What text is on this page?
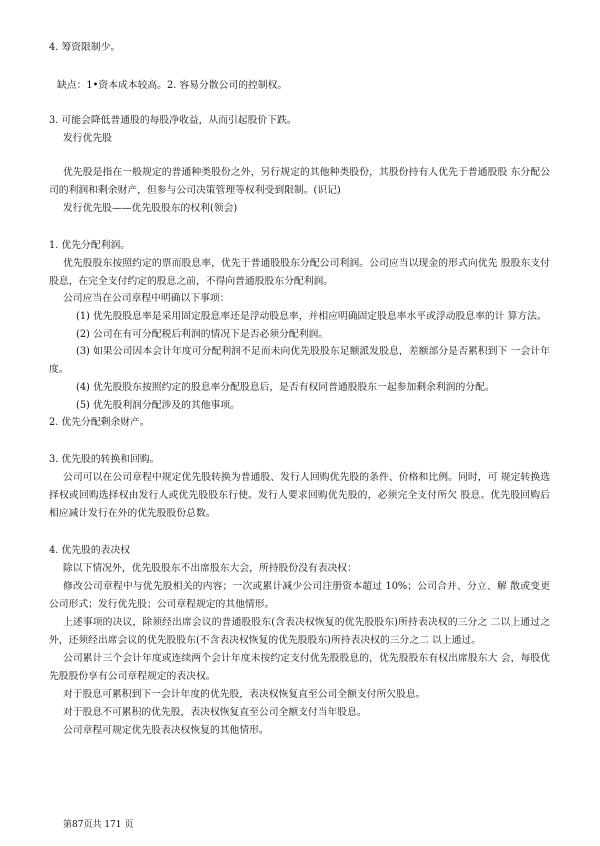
4. 筹资限制少。
缺点：1•资本成本较高。2. 容易分散公司的控制权。
3. 可能会降低普通股的每股净收益，从而引起股价下跌。
发行优先股
优先股是指在一般规定的普通种类股份之外，另行规定的其他种类股份，其股份持有人优先于普通股股 东分配公司的利润和剩余财产，但参与公司决策管理等权利受到限制。(识记)
发行优先股——优先股股东的权利(领会)
1. 优先分配利润。
优先股股东按照约定的票而股息率，优先于普通股股东分配公司利润。公司应当以现金的形式向优先 股股东支付股息，在完全支付约定的股息之前，不得向普通股股东分配利润。
公司应当在公司章程中明确以下事项：
(1) 优先股股息率是采用固定股息率还是浮动股息率，并相应明确固定股息率水平或浮动股息率的计 算方法。
(2) 公司在有可分配税后利润的情况下是否必须分配利润。
(3) 如果公司因本会计年度可分配利润不足而未向优先股股东足额派发股息，差额部分是否累积到下 一会计年度。
(4) 优先股股东按照约定的股息率分配股息后，是否有权同普通股股东一起参加剩余利润的分配。
(5) 优先股利润分配涉及的其他事项。
2. 优先分配剩余财产。
3. 优先股的转换和回购。
公司可以在公司章程中规定优先股转换为普通股、发行人回购优先股的条件、价格和比例。同时，可 规定转换选择权或回购选择权由发行人或优先股股东行使。发行人要求回购优先股的，必须完全支付所欠 股息。优先股回购后相应减计发行在外的优先股股份总数。
4. 优先股的表决权
除以下情况外，优先股股东不出席股东大会，所持股份没有表决权：
修改公司章程中与优先股相关的内容；一次或累计减少公司注册资本超过 10%；公司合并、分立、解 散或变更公司形式；发行优先股；公司章程规定的其他情形。
上述事项的决议，除须经出席会议的普通股股东(含表决权恢复的优先股股东)所持表决权的三分之 二以上通过之外，还须经出席会议的优先股股东(不含表决权恢复的优先股股东)所持表决权的三分之二 以上通过。
公司累计三个会计年度或连续两个会计年度未按约定支付优先股股息的，优先股股东有权出席股东大 会，每股优先股股份享有公司章程规定的表决权。
对于股息可累积到下一会计年度的优先股，表决权恢复直至公司全额支付所欠股息。
对于股息不可累积的优先股，表决权恢复直至公司全额支付当年股息。
公司章程可规定优先股表决权恢复的其他情形。
第87页共 171 页
